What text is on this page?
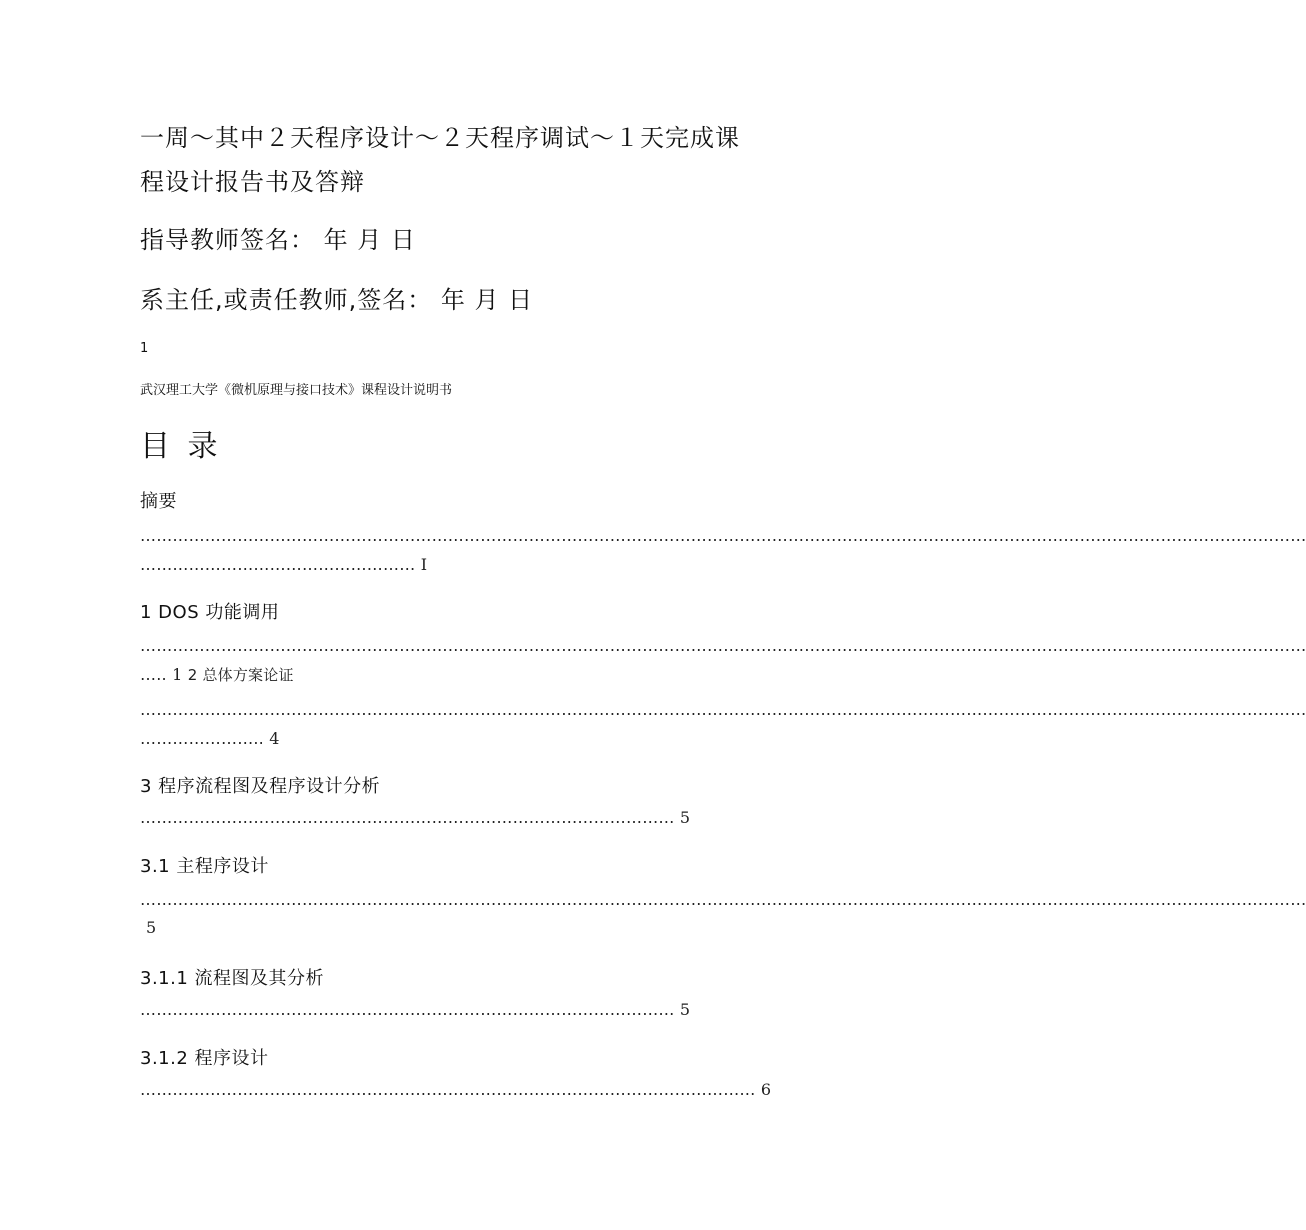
一周～其中２天程序设计～２天程序调试～１天完成课
程设计报告书及答辩
指导教师签名： 年 月 日
系主任,或责任教师,签名： 年 月 日
1
武汉理工大学《微机原理与接口技术》课程设计说明书
目 录
摘要
………………………………………………………………………………………………………………………………………………………………………………………………
…………………………………………… I
1 DOS 功能调用
………………………………………………………………………………………………………………………………………………………………………………………………
….. 1 2 总体方案论证
………………………………………………………………………………………………………………………………………………………………………………………………
………………….. 4
3 程序流程图及程序设计分析
……………………………………………………………………………………… 5
3.1 主程序设计
………………………………………………………………………………………………………………………………………………………………………………………………
5
3.1.1 流程图及其分析
……………………………………………………………………………………… 5
3.1.2 程序设计
…………………………………………………………………………………………………… 6
